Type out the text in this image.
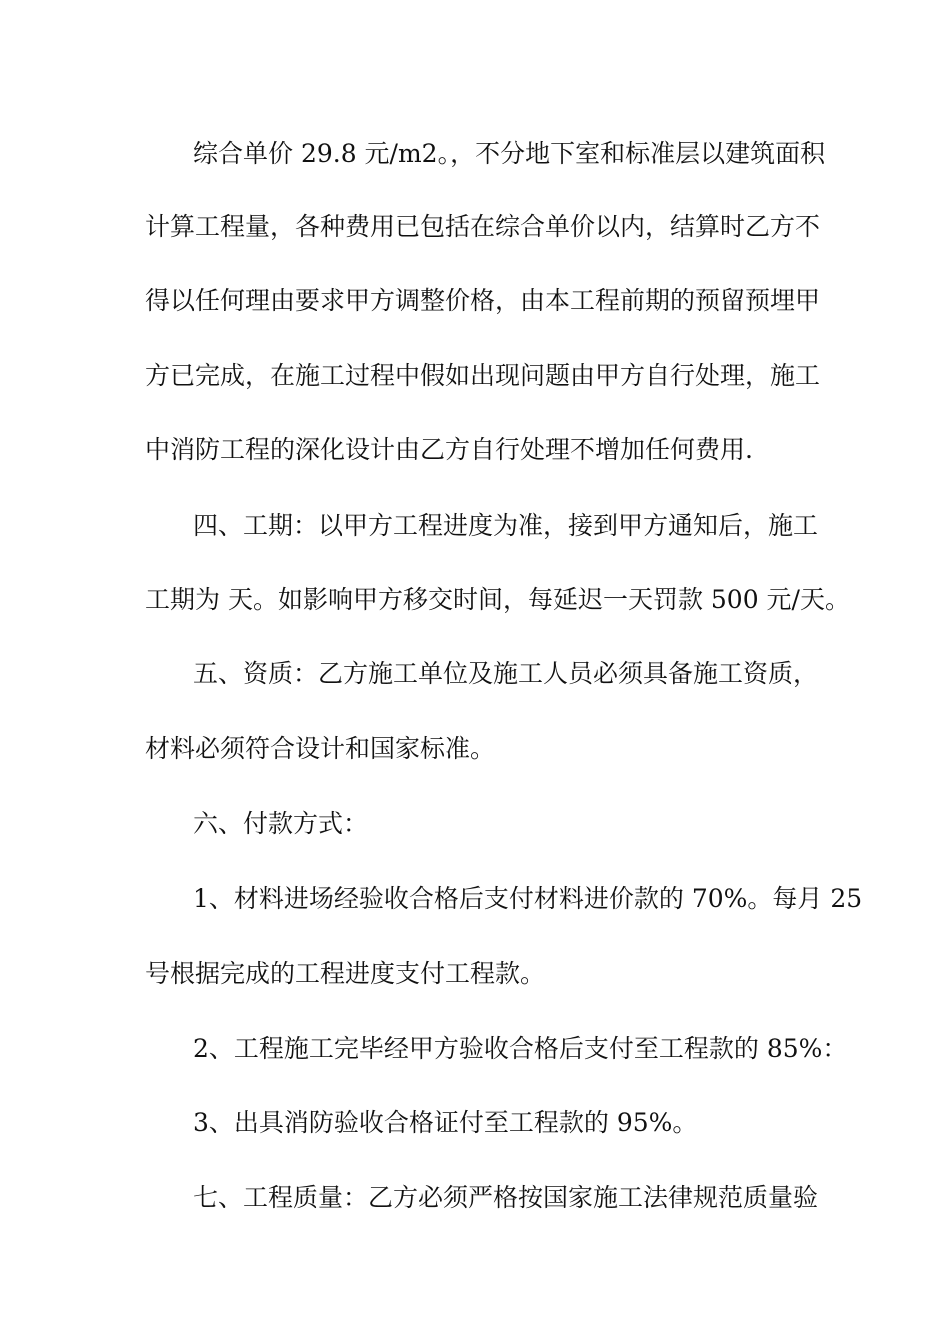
综合单价 29.8 元/m2。，不分地下室和标准层以建筑面积
计算工程量，各种费用已包括在综合单价以内，结算时乙方不
得以任何理由要求甲方调整价格，由本工程前期的预留预埋甲
方已完成，在施工过程中假如出现问题由甲方自行处理，施工
中消防工程的深化设计由乙方自行处理不增加任何费用.
四、工期：以甲方工程进度为准，接到甲方通知后，施工
工期为 天。如影响甲方移交时间，每延迟一天罚款 500 元/天。
五、资质：乙方施工单位及施工人员必须具备施工资质，
材料必须符合设计和国家标准。
六、付款方式：
1、材料进场经验收合格后支付材料进价款的 70%。每月 25
号根据完成的工程进度支付工程款。
2、工程施工完毕经甲方验收合格后支付至工程款的 85%：
3、出具消防验收合格证付至工程款的 95%。
七、工程质量：乙方必须严格按国家施工法律规范质量验
